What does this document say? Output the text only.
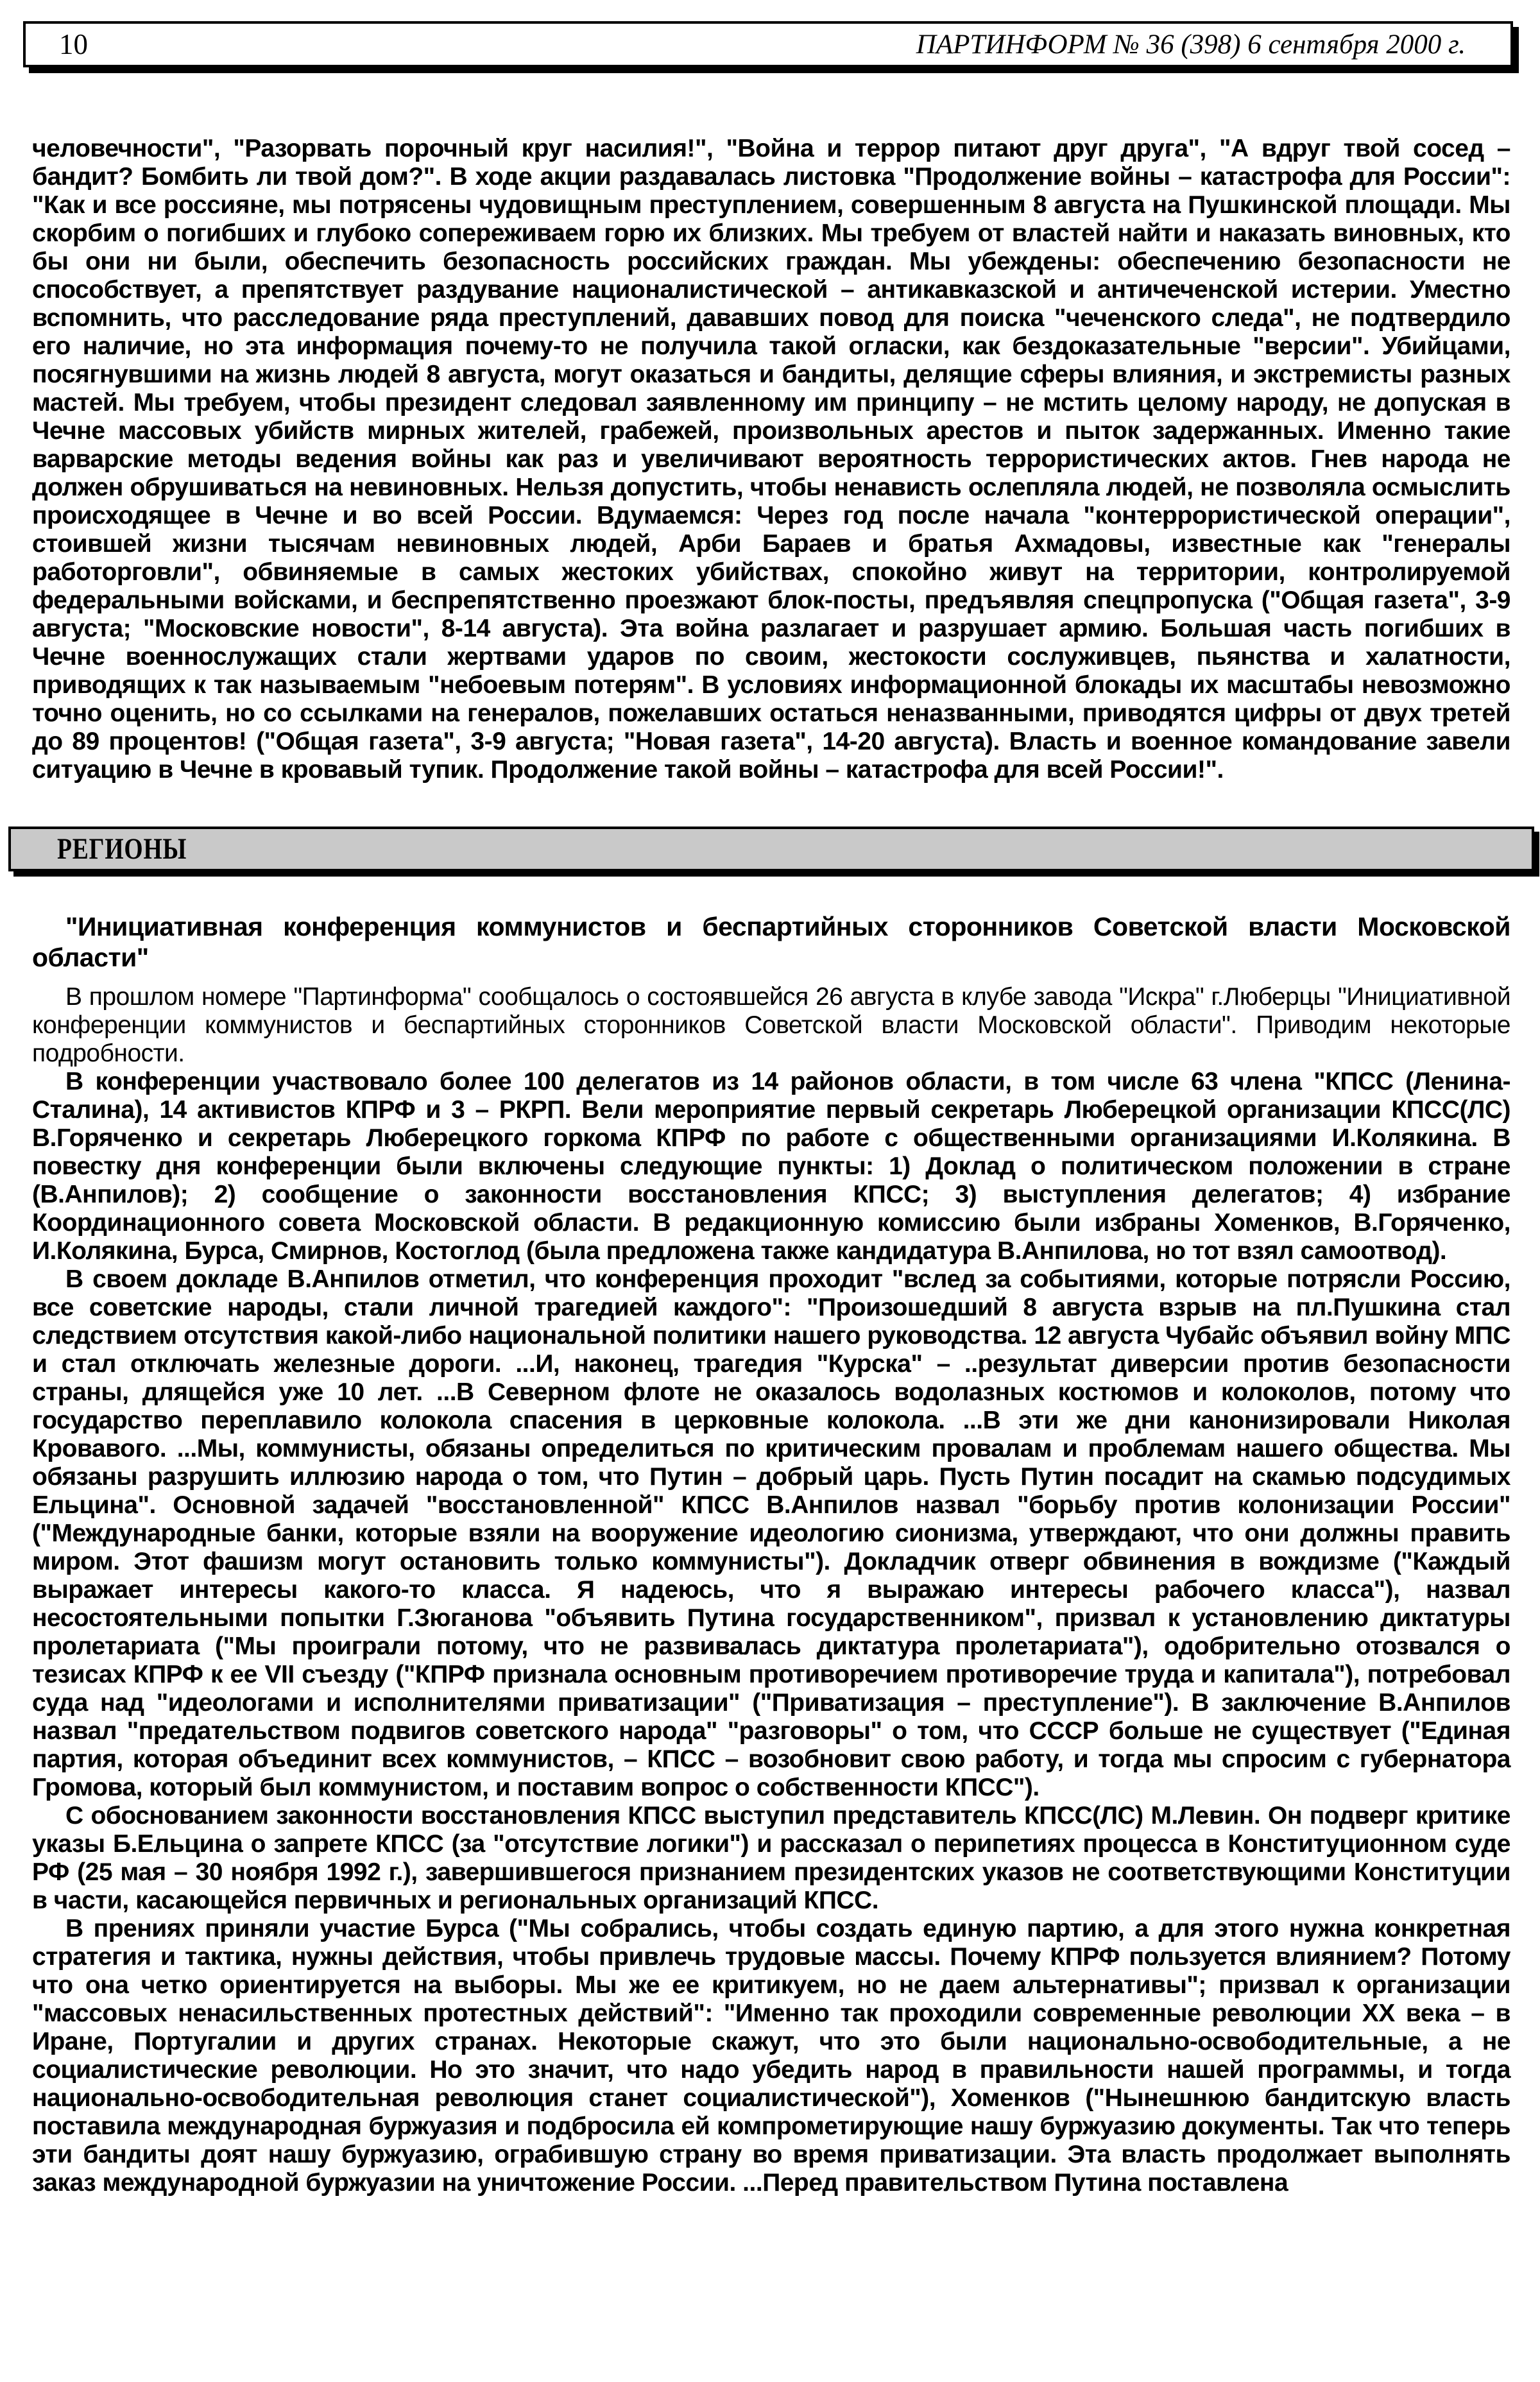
10	ПАРТИНФОРМ № 36 (398) 6 сентября 2000 г.

человечности", "Разорвать порочный круг насилия!", "Война и террор питают друг друга", "А вдруг твой сосед – бандит? Бомбить ли твой дом?". В ходе акции раздавалась листовка "Продолжение войны – катастрофа для России": "Как и все россияне, мы потрясены чудовищным преступлением, совершенным 8 августа на Пушкинской площади. Мы скорбим о погибших и глубоко сопереживаем горю их близких. Мы требуем от властей найти и наказать виновных, кто бы они ни были, обеспечить безопасность российских граждан. Мы убеждены: обеспечению безопасности не способствует, а препятствует раздувание националистической – антикавказской и античеченской истерии. Уместно вспомнить, что расследование ряда преступлений, дававших повод для поиска "чеченского следа", не подтвердило его наличие, но эта информация почему-то не получила такой огласки, как бездоказательные "версии". Убийцами, посягнувшими на жизнь людей 8 августа, могут оказаться и бандиты, делящие сферы влияния, и экстремисты разных мастей. Мы требуем, чтобы президент следовал заявленному им принципу – не мстить целому народу, не допуская в Чечне массовых убийств мирных жителей, грабежей, произвольных арестов и пыток задержанных. Именно такие варварские методы ведения войны как раз и увеличивают вероятность террористических актов. Гнев народа не должен обрушиваться на невиновных. Нельзя допустить, чтобы ненависть ослепляла людей, не позволяла осмыслить происходящее в Чечне и во всей России. Вдумаемся: Через год после начала "контеррористической операции", стоившей жизни тысячам невиновных людей, Арби Бараев и братья Ахмадовы, известные как "генералы работорговли", обвиняемые в самых жестоких убийствах, спокойно живут на территории, контролируемой федеральными войсками, и беспрепятственно проезжают блок-посты, предъявляя спецпропуска ("Общая газета", 3-9 августа; "Московские новости", 8-14 августа). Эта война разлагает и разрушает армию. Большая часть погибших в Чечне военнослужащих стали жертвами ударов по своим, жестокости сослуживцев, пьянства и халатности, приводящих к так называемым "небоевым потерям". В условиях информационной блокады их масштабы невозможно точно оценить, но со ссылками на генералов, пожелавших остаться неназванными, приводятся цифры от двух третей до 89 процентов! ("Общая газета", 3-9 августа; "Новая газета", 14-20 августа). Власть и военное командование завели ситуацию в Чечне в кровавый тупик. Продолжение такой войны – катастрофа для всей России!".

РЕГИОНЫ
"Инициативная конференция коммунистов и беспартийных сторонников Советской власти Московской области"

В прошлом номере "Партинформа" сообщалось о состоявшейся 26 августа в клубе завода "Искра" г.Люберцы "Инициативной конференции коммунистов и беспартийных сторонников Советской власти Московской области". Приводим некоторые подробности.

В конференции участвовало более 100 делегатов из 14 районов области, в том числе 63 члена "КПСС (Ленина-Сталина), 14 активистов КПРФ и 3 – РКРП. Вели мероприятие первый секретарь Люберецкой организации КПСС(ЛС) В.Горяченко и секретарь Люберецкого горкома КПРФ по работе с общественными организациями И.Колякина. В повестку дня конференции были включены следующие пункты: 1) Доклад о политическом положении в стране (В.Анпилов); 2) сообщение о законности восстановления КПСС; 3) выступления делегатов; 4) избрание Координационного совета Московской области. В редакционную комиссию были избраны Хоменков, В.Горяченко, И.Колякина, Бурса, Смирнов, Костоглод (была предложена также кандидатура В.Анпилова, но тот взял самоотвод).

В своем докладе В.Анпилов отметил, что конференция проходит "вслед за событиями, которые потрясли Россию, все советские народы, стали личной трагедией каждого": "Произошедший 8 августа взрыв на пл.Пушкина стал следствием отсутствия какой-либо национальной политики нашего руководства. 12 августа Чубайс объявил войну МПС и стал отключать железные дороги. ...И, наконец, трагедия "Курска" – ..результат диверсии против безопасности страны, длящейся уже 10 лет. ...В Северном флоте не оказалось водолазных костюмов и колоколов, потому что государство переплавило колокола спасения в церковные колокола. ...В эти же дни канонизировали Николая Кровавого. ...Мы, коммунисты, обязаны определиться по критическим провалам и проблемам нашего общества. Мы обязаны разрушить иллюзию народа о том, что Путин – добрый царь. Пусть Путин посадит на скамью подсудимых Ельцина". Основной задачей "восстановленной" КПСС В.Анпилов назвал "борьбу против колонизации России" ("Международные банки, которые взяли на вооружение идеологию сионизма, утверждают, что они должны править миром. Этот фашизм могут остановить только коммунисты"). Докладчик отверг обвинения в вождизме ("Каждый выражает интересы какого-то класса. Я надеюсь, что я выражаю интересы рабочего класса"), назвал несостоятельными попытки Г.Зюганова "объявить Путина государственником", призвал к установлению диктатуры пролетариата ("Мы проиграли потому, что не развивалась диктатура пролетариата"), одобрительно отозвался о тезисах КПРФ к ее VII съезду ("КПРФ признала основным противоречием противоречие труда и капитала"), потребовал суда над "идеологами и исполнителями приватизации" ("Приватизация – преступление"). В заключение В.Анпилов назвал "предательством подвигов советского народа" "разговоры" о том, что СССР больше не существует ("Единая партия, которая объединит всех коммунистов, – КПСС – возобновит свою работу, и тогда мы спросим с губернатора Громова, который был коммунистом, и поставим вопрос о собственности КПСС").

С обоснованием законности восстановления КПСС выступил представитель КПСС(ЛС) М.Левин. Он подверг критике указы Б.Ельцина о запрете КПСС (за "отсутствие логики") и рассказал о перипетиях процесса в Конституционном суде РФ (25 мая – 30 ноября 1992 г.), завершившегося признанием президентских указов не соответствующими Конституции в части, касающейся первичных и региональных организаций КПСС.

В прениях приняли участие Бурса ("Мы собрались, чтобы создать единую партию, а для этого нужна конкретная стратегия и тактика, нужны действия, чтобы привлечь трудовые массы. Почему КПРФ пользуется влиянием? Потому что она четко ориентируется на выборы. Мы же ее критикуем, но не даем альтернативы"; призвал к организации "массовых ненасильственных протестных действий": "Именно так проходили современные революции XX века – в Иране, Португалии и других странах. Некоторые скажут, что это были национально-освободительные, а не социалистические революции. Но это значит, что надо убедить народ в правильности нашей программы, и тогда национально-освободительная революция станет социалистической"), Хоменков ("Нынешнюю бандитскую власть поставила международная буржуазия и подбросила ей компрометирующие нашу буржуазию документы. Так что теперь эти бандиты доят нашу буржуазию, ограбившую страну во время приватизации. Эта власть продолжает выполнять заказ международной буржуазии на уничтожение России. ...Перед правительством Путина поставлена
